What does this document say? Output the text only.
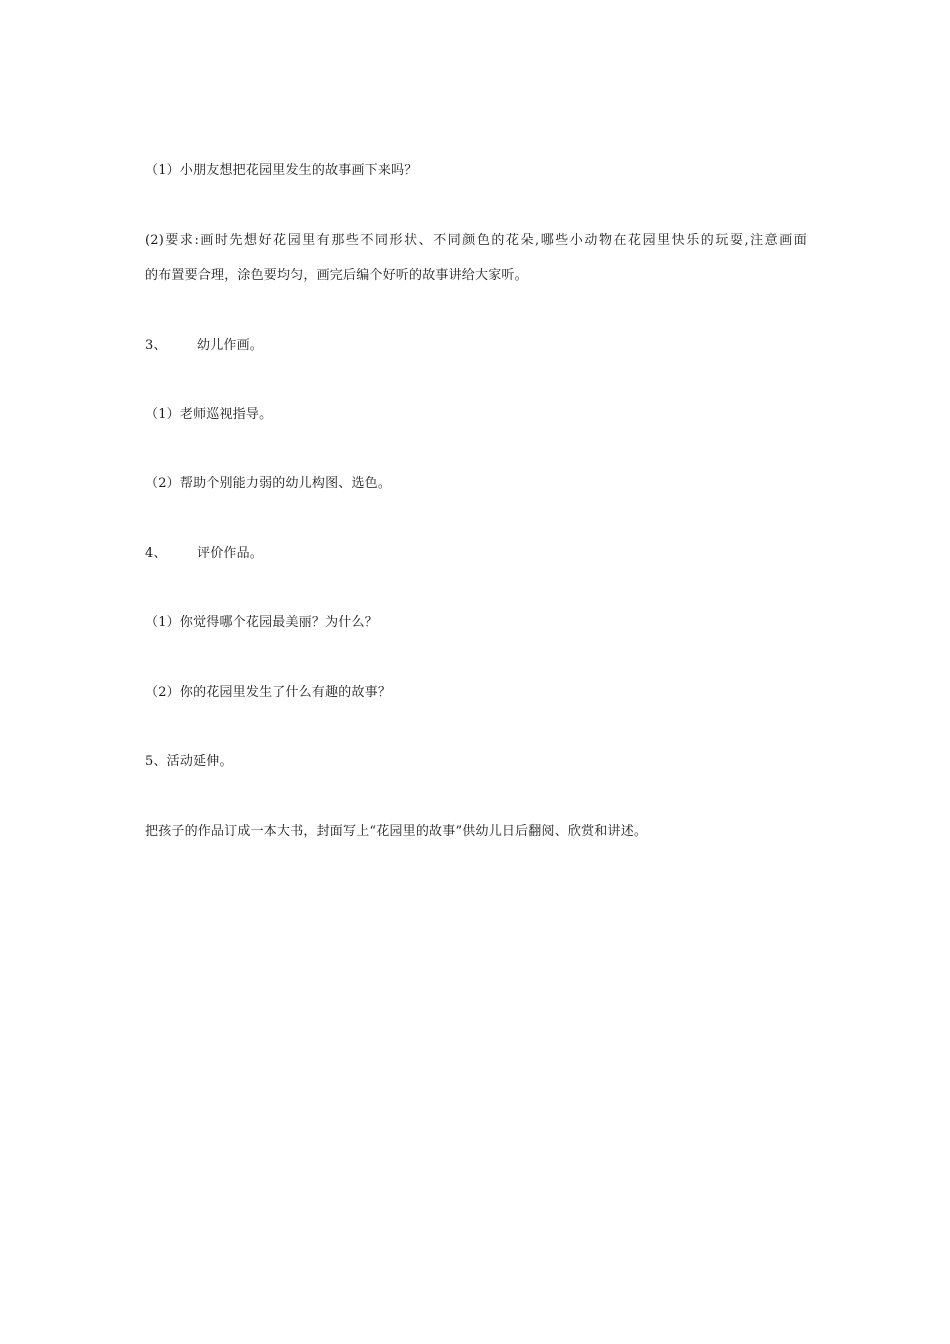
（1）小朋友想把花园里发生的故事画下来吗？
(2)要求:画时先想好花园里有那些不同形状、不同颜色的花朵,哪些小动物在花园里快乐的玩耍,注意画面
的布置要合理，涂色要均匀，画完后编个好听的故事讲给大家听。
3、 幼儿作画。
（1）老师巡视指导。
（2）帮助个别能力弱的幼儿构图、选色。
4、 评价作品。
（1）你觉得哪个花园最美丽？为什么？
（2）你的花园里发生了什么有趣的故事？
5、活动延伸。
把孩子的作品订成一本大书，封面写上“花园里的故事”供幼儿日后翻阅、欣赏和讲述。
